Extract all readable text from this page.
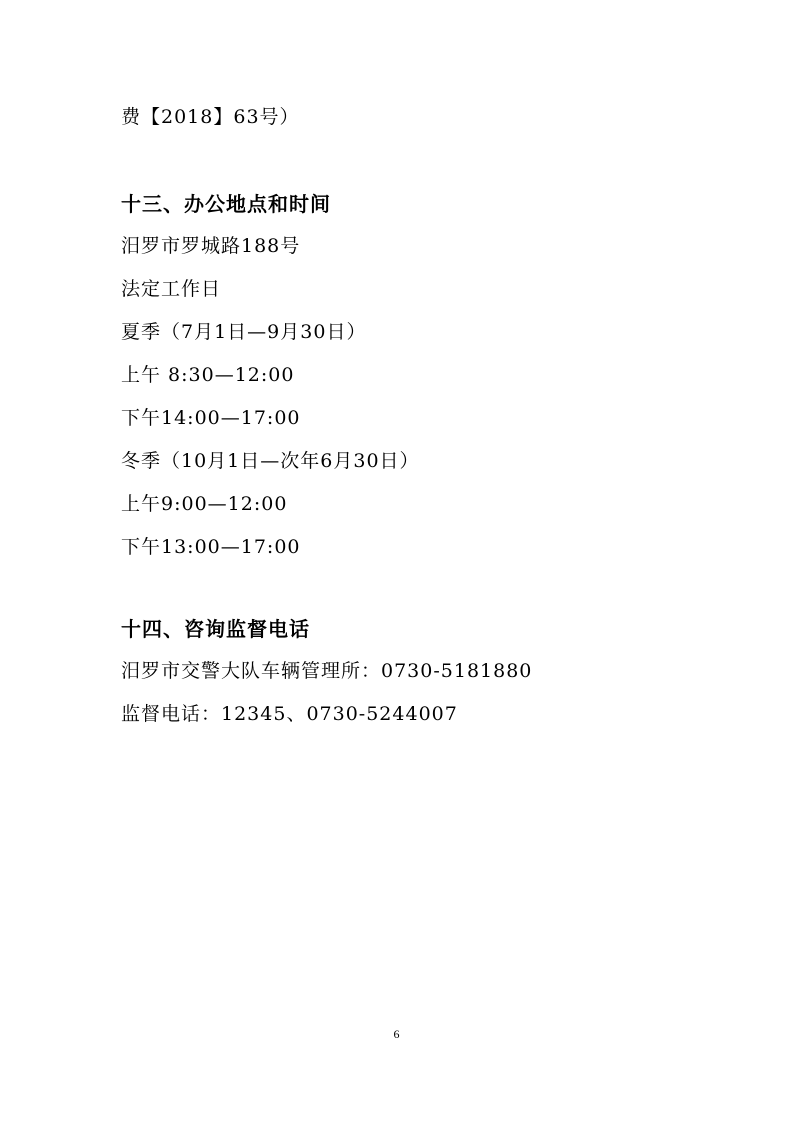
费【2018】63号）
十三、办公地点和时间
汨罗市罗城路188号
法定工作日
夏季（7月1日—9月30日）
上午 8:30—12:00
下午14:00—17:00
冬季（10月1日—次年6月30日）
上午9:00—12:00
下午13:00—17:00
十四、咨询监督电话
汨罗市交警大队车辆管理所：0730-5181880
监督电话：12345、0730-5244007
6
